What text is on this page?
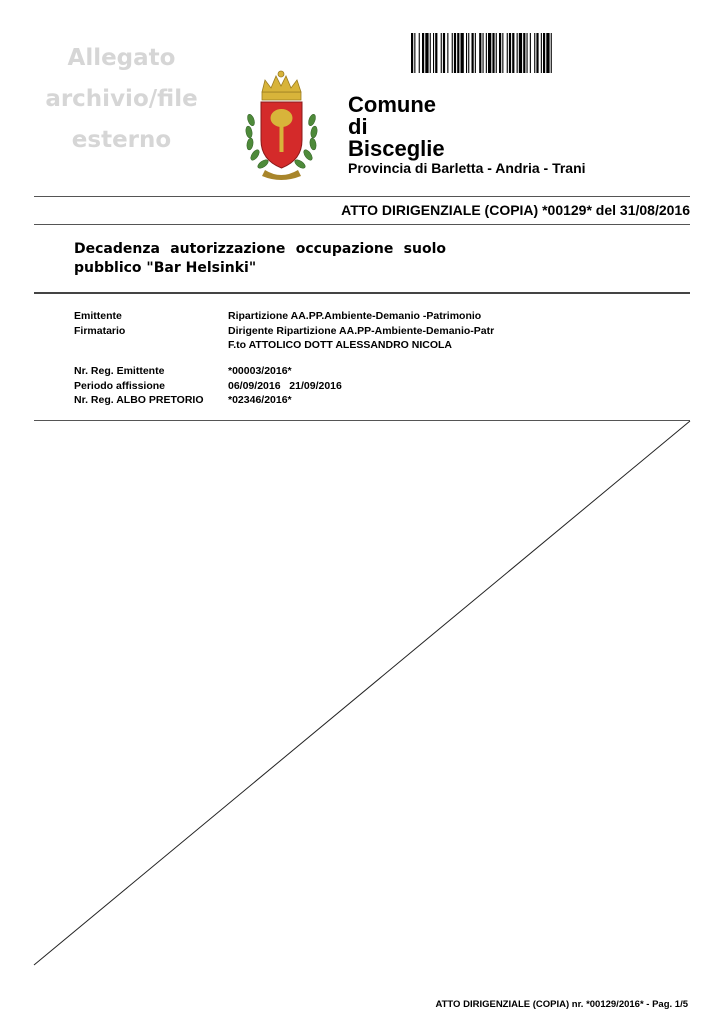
Allegato
archivio/file
esterno
Comune
di
Bisceglie
Provincia di Barletta - Andria - Trani
ATTO DIRIGENZIALE (COPIA) *00129* del 31/08/2016
Decadenza autorizzazione occupazione suolo pubblico "Bar Helsinki"
Emittente	Ripartizione AA.PP.Ambiente-Demanio -Patrimonio
Firmatario	Dirigente Ripartizione AA.PP-Ambiente-Demanio-Patr
F.to ATTOLICO DOTT ALESSANDRO NICOLA
Nr. Reg. Emittente	*00003/2016*
Periodo affissione	06/09/2016   21/09/2016
Nr. Reg. ALBO PRETORIO	*02346/2016*
ATTO DIRIGENZIALE (COPIA) nr. *00129/2016* - Pag. 1/5
